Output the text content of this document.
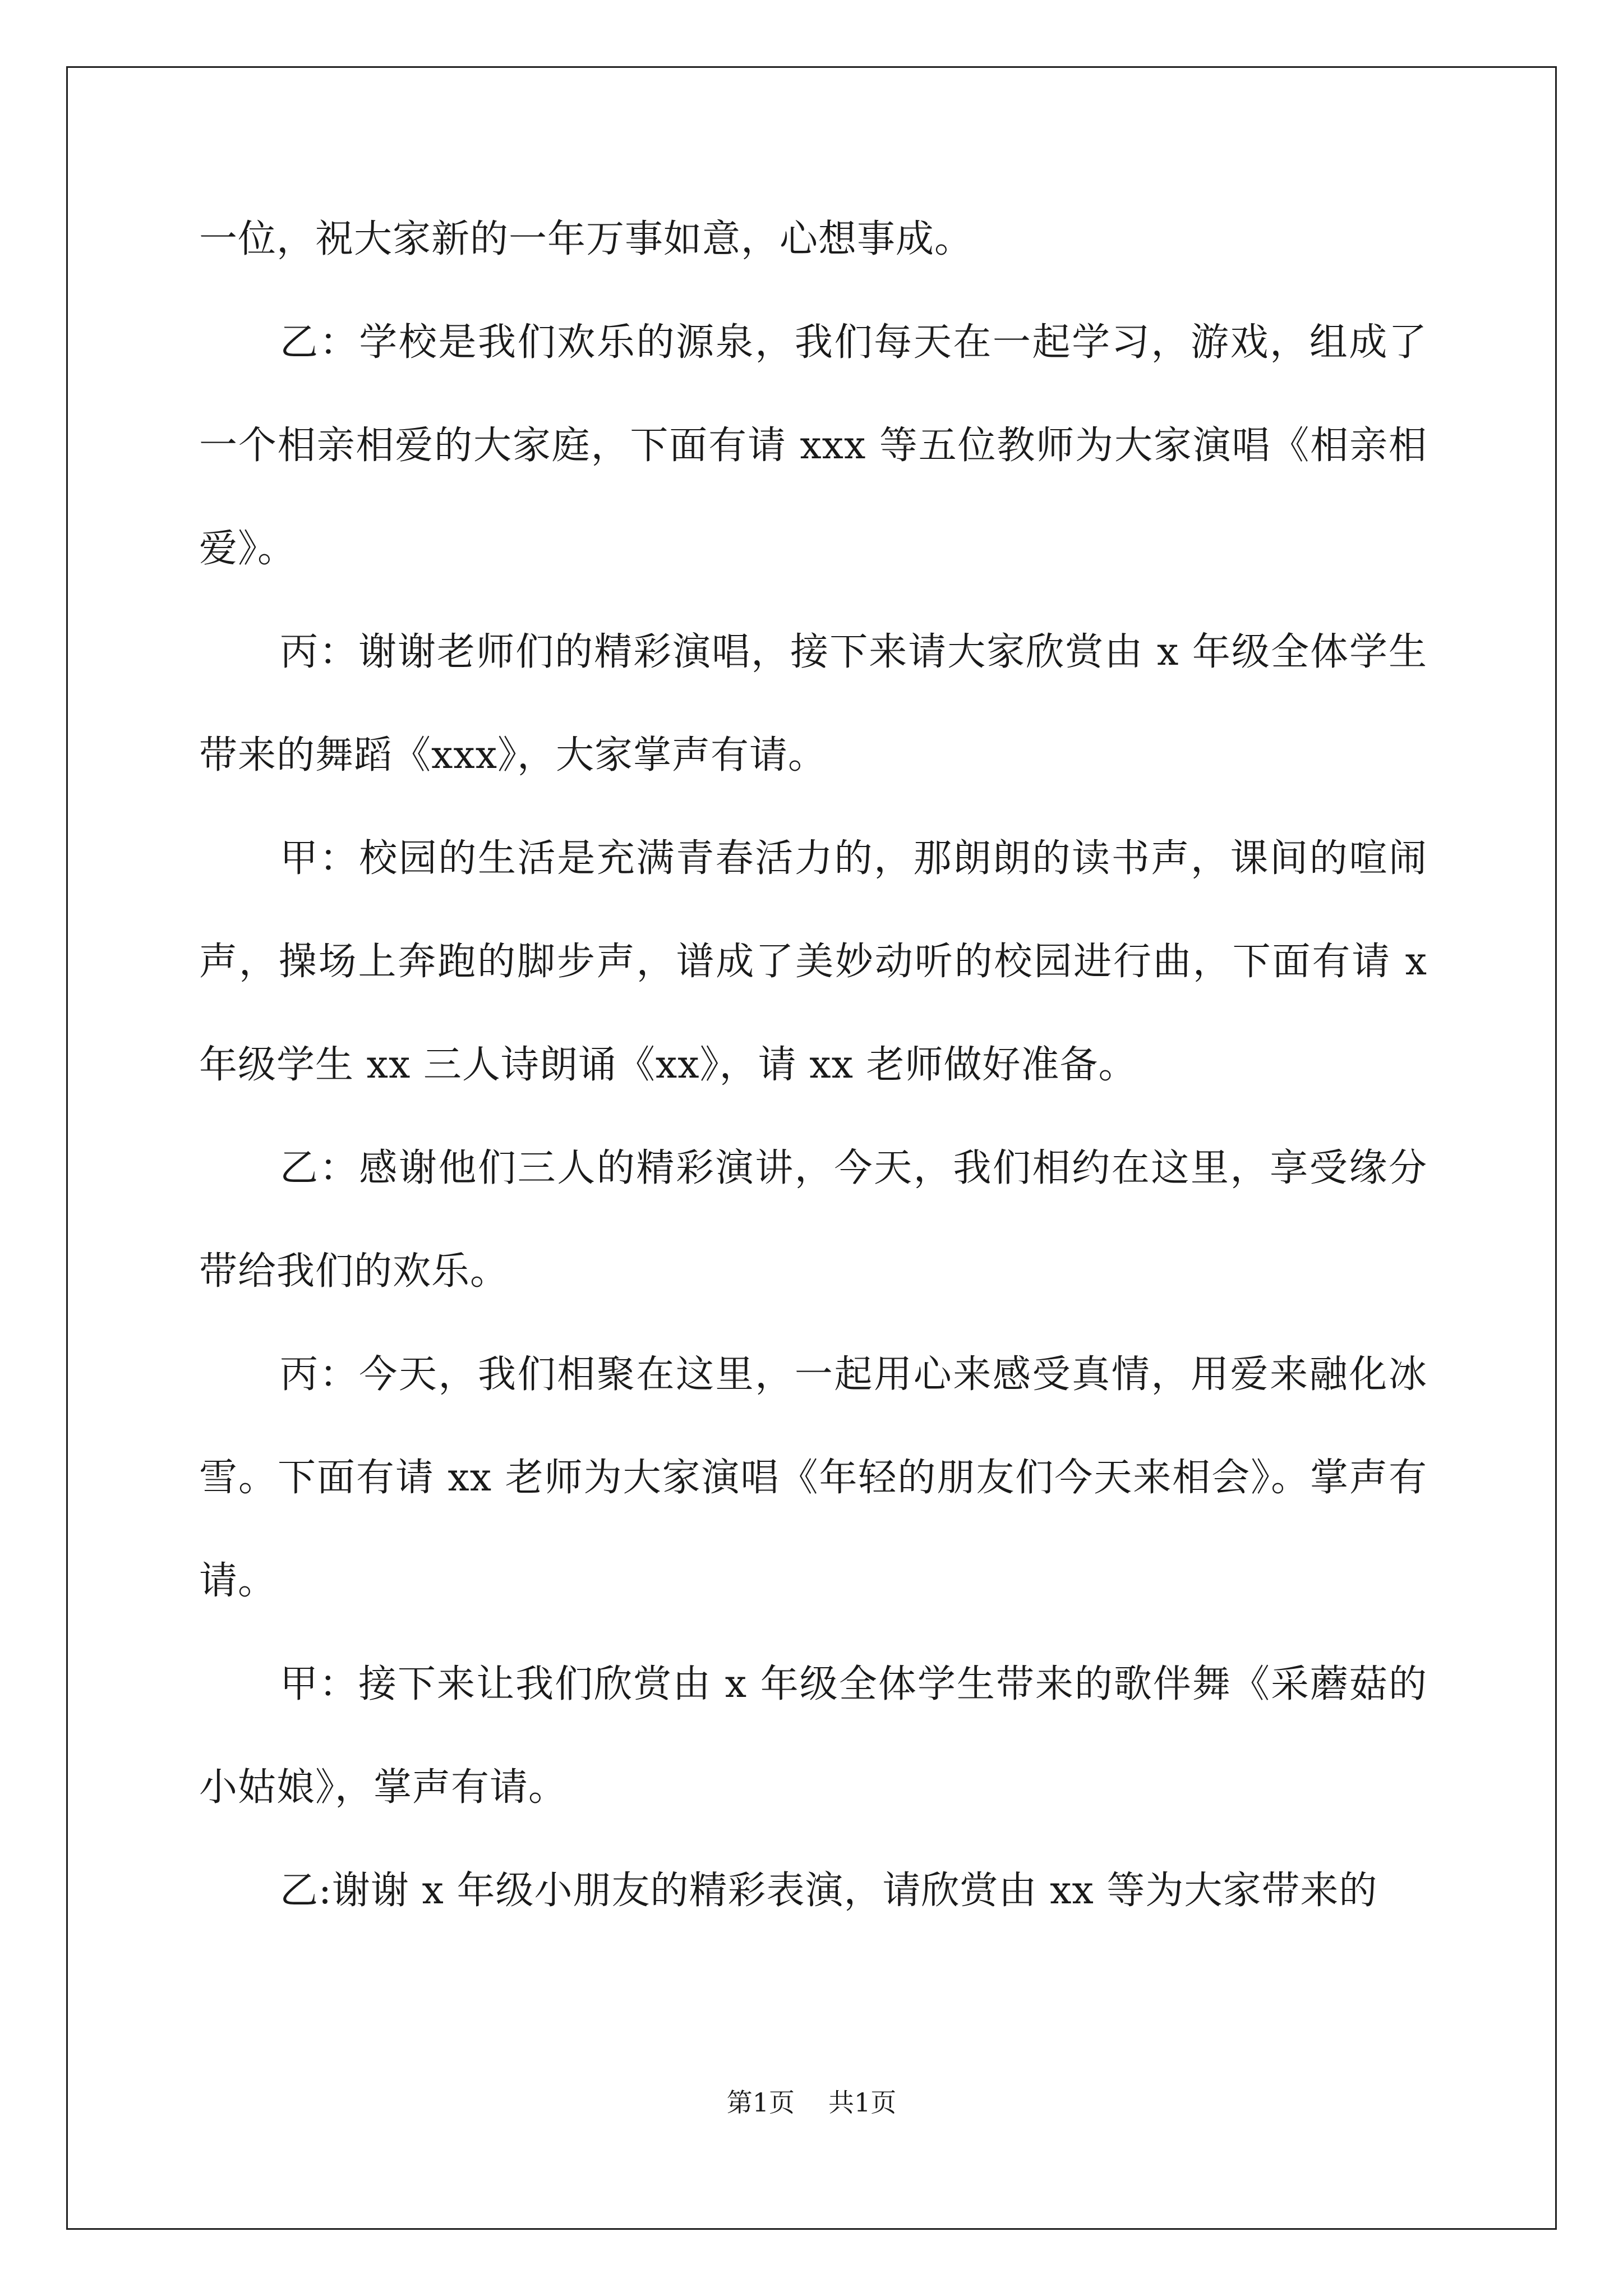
一位，祝大家新的一年万事如意，心想事成。

乙：学校是我们欢乐的源泉，我们每天在一起学习，游戏，组成了一个相亲相爱的大家庭，下面有请 xxx 等五位教师为大家演唱《相亲相爱》。

丙：谢谢老师们的精彩演唱，接下来请大家欣赏由 x 年级全体学生带来的舞蹈《xxx》，大家掌声有请。

甲：校园的生活是充满青春活力的，那朗朗的读书声，课间的喧闹声，操场上奔跑的脚步声，谱成了美妙动听的校园进行曲，下面有请 x 年级学生 xx 三人诗朗诵《xx》，请 xx 老师做好准备。

乙：感谢他们三人的精彩演讲，今天，我们相约在这里，享受缘分带给我们的欢乐。

丙：今天，我们相聚在这里，一起用心来感受真情，用爱来融化冰雪。下面有请 xx 老师为大家演唱《年轻的朋友们今天来相会》。掌声有请。

甲：接下来让我们欣赏由 x 年级全体学生带来的歌伴舞《采蘑菇的小姑娘》，掌声有请。

乙:谢谢 x 年级小朋友的精彩表演，请欣赏由 xx 等为大家带来的

第1页 共1页
